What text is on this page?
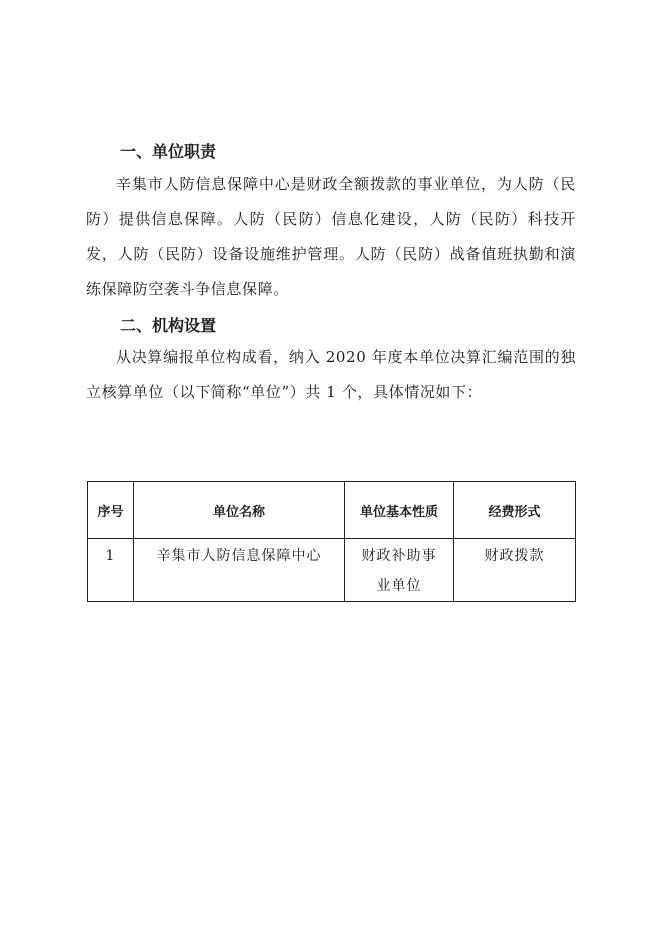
一、单位职责
辛集市人防信息保障中心是财政全额拨款的事业单位，为人防（民防）提供信息保障。人防（民防）信息化建设，人防（民防）科技开发，人防（民防）设备设施维护管理。人防（民防）战备值班执勤和演练保障防空袭斗争信息保障。
二、机构设置
从决算编报单位构成看，纳入 2020 年度本单位决算汇编范围的独立核算单位（以下简称“单位”）共 1 个，具体情况如下：
序号	单位名称	单位基本性质	经费形式
1	辛集市人防信息保障中心	财政补助事业单位	财政拨款
